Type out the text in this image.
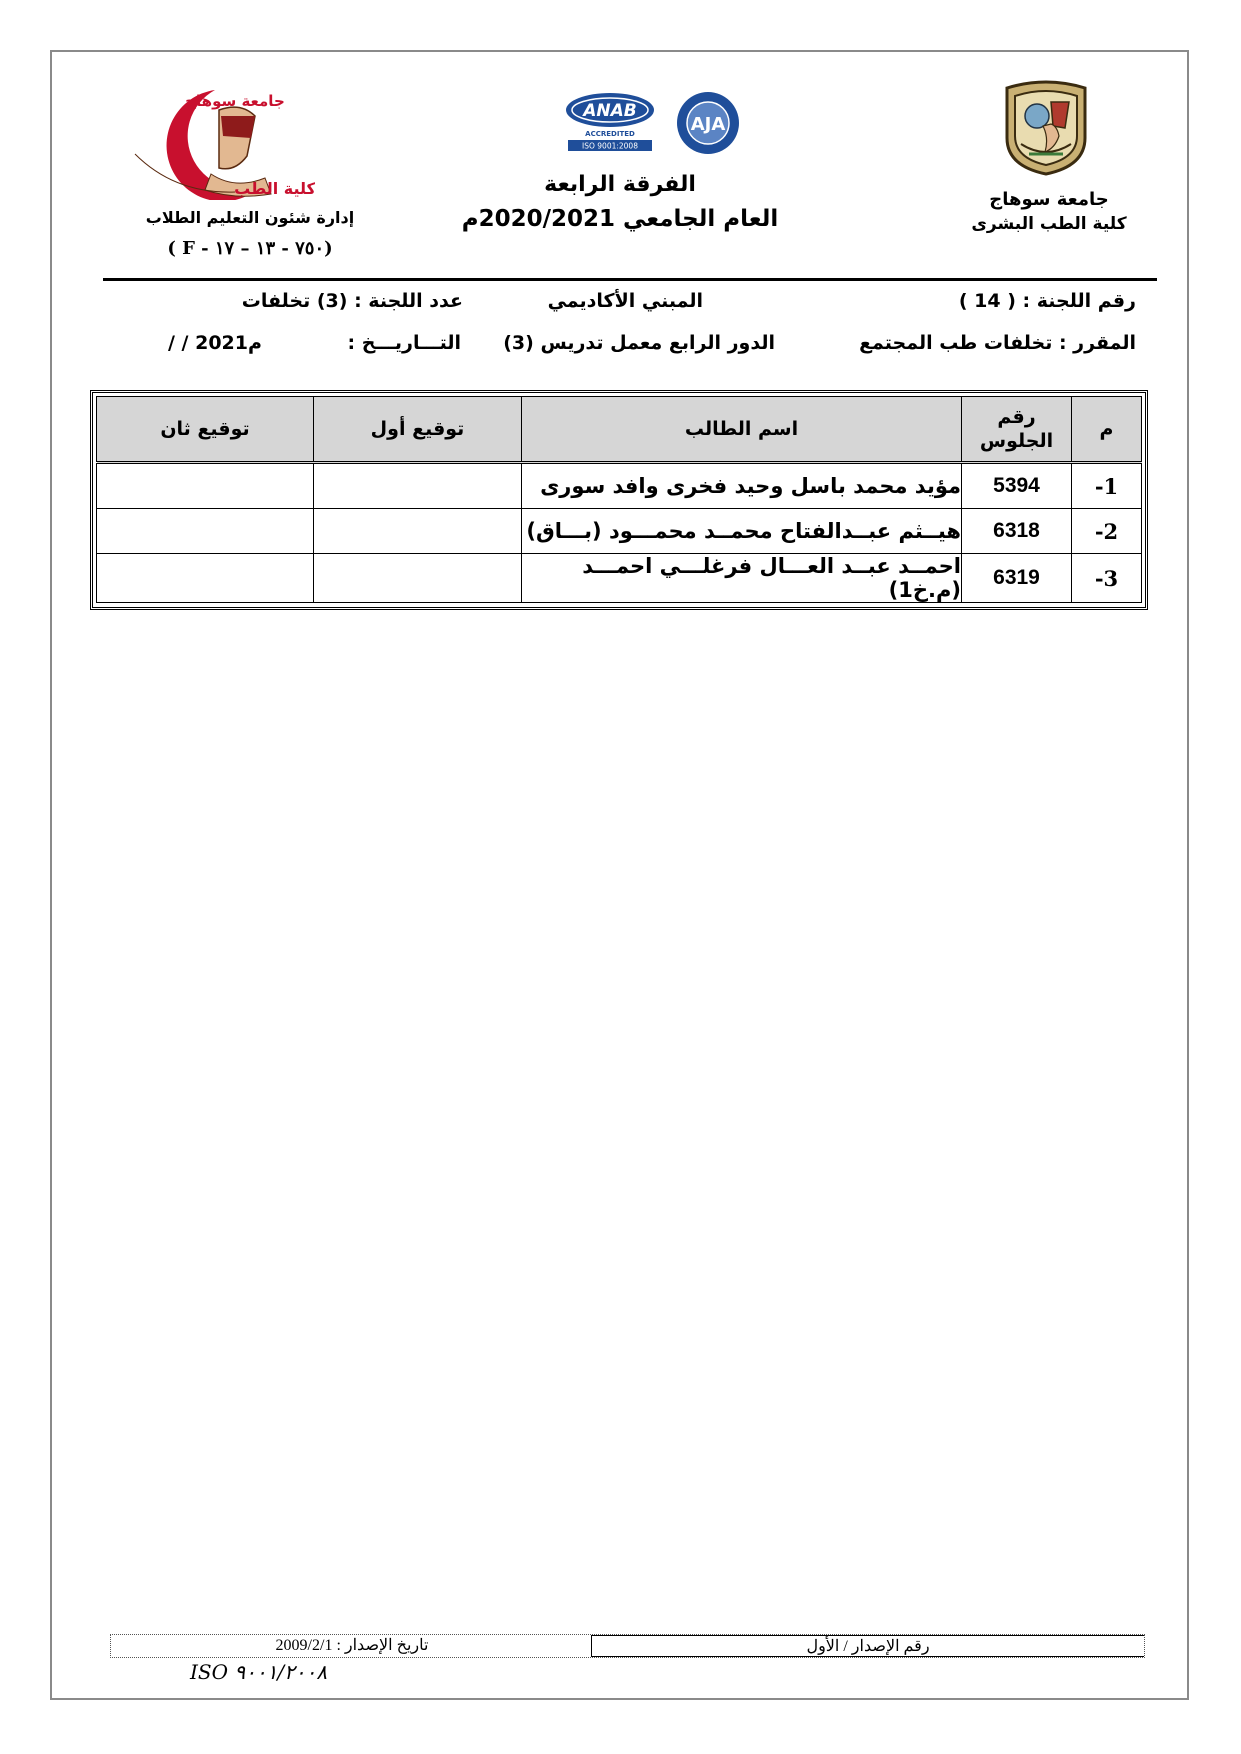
جامعة سوهاج
كلية الطب البشرى
ANAB
ACCREDITED
ISO 9001:2008
AJA
الفرقة الرابعة
العام الجامعي 2020/2021م
جامعة سوهاج
كلية الطب
إدارة شئون التعليم الطلاب
( F - ٧٥٠ - ١٣ – ١٧)
رقم اللجنة : ( 14 )
المبني الأكاديمي
عدد اللجنة : (3) تخلفات
المقرر : تخلفات طب المجتمع
الدور الرابع معمل تدريس (3)
التـــاريـــخ :
/ / 2021م
م	رقم الجلوس	اسم الطالب	توقيع أول	توقيع ثان
1-	5394	مؤيد محمد باسل وحيد فخرى وافد سورى		
2-	6318	هيــثم عبــدالفتاح محمــد محمـــود (بـــاق)		
3-	6319	احمــد عبــد العـــال فرغلـــي احمـــد (م.خ1)		
رقم الإصدار / الأول
تاريخ الإصدار : 2009/2/1
ISO ٩٠٠١/٢٠٠٨
